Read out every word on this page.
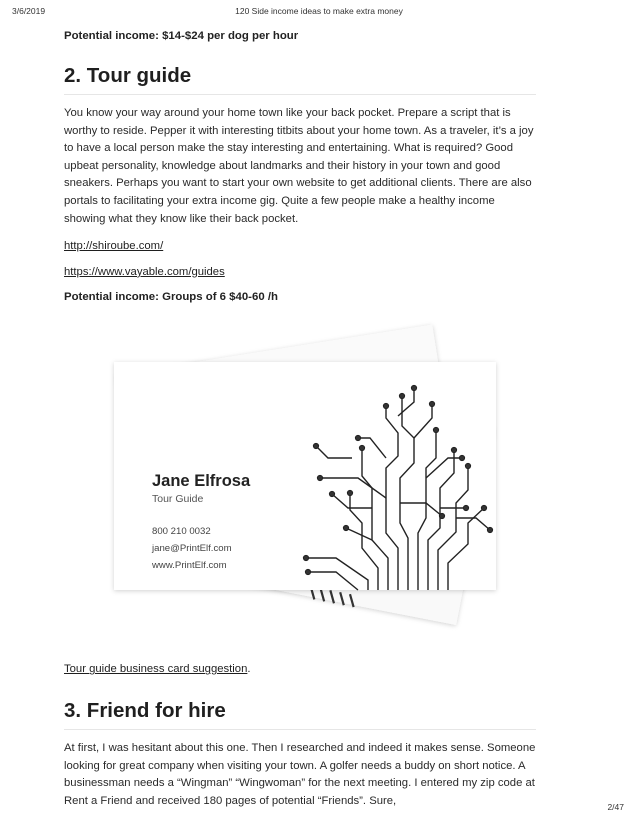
3/6/2019	120 Side income ideas to make extra money

Potential income: $14-$24 per dog per hour

2. Tour guide

You know your way around your home town like your back pocket. Prepare a script that is worthy to reside. Pepper it with interesting titbits about your home town. As a traveler, it’s a joy to have a local person make the stay interesting and entertaining. What is required? Good upbeat personality, knowledge about landmarks and their history in your town and good sneakers. Perhaps you want to start your own website to get additional clients. There are also portals to facilitating your extra income gig. Quite a few people make a healthy income showing what they know like their back pocket.

http://shiroube.com/

https://www.vayable.com/guides

Potential income: Groups of 6 $40-60 /h

Tour guide business card suggestion.

3. Friend for hire

At first, I was hesitant about this one. Then I researched and indeed it makes sense. Someone looking for great company when visiting your town. A golfer needs a buddy on short notice. A businessman needs a “Wingman” “Wingwoman” for the next meeting. I entered my zip code at Rent a Friend and received 180 pages of potential “Friends”. Sure,

Jane Elfrosa
Tour Guide
800 210 0032
jane@PrintElf.com
www.PrintElf.com
2/47
